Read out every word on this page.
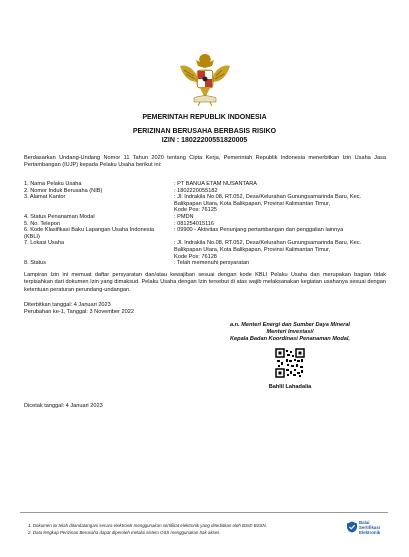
PEMERINTAH REPUBLIK INDONESIA
PERIZINAN BERUSAHA BERBASIS RISIKO
IZIN : 18022200551820005
Berdasarkan Undang-Undang Nomor 11 Tahun 2020 tentang Cipta Kerja, Pemerintah Republik Indonesia menerbitkan Izin Usaha Jasa Pertambangan (IUJP) kepada Pelaku Usaha berikut ini:
1. Nama Pelaku Usaha	: PT BANUA ETAM NUSANTARA
2. Nomor Induk Berusaha (NIB)	: 1802220055182
3. Alamat Kantor	: Jl. Indrakila No.08, RT.052, Desa/Kelurahan Gunungsamarinda Baru, Kec.
Balikpapan Utara, Kota Balikpapan, Provinsi Kalimantan Timur,
Kode Pos: 76125
4. Status Penanaman Modal	: PMDN
5. No. Telepon	: 081254015116
6. Kode Klasifikasi Baku Lapangan Usaha Indonesia
(KBLI)
: 09900 - Aktivitas Penunjang pertambangan dan penggalian lainnya
7. Lokasi Usaha	: Jl. Indrakila No.08, RT.052, Desa/Kelurahan Gunungsamarinda Baru, Kec.
Balikpapan Utara, Kota Balikpapan, Provinsi Kalimantan Timur,
Kode Pos: 76128
8. Status	: Telah memenuhi persyaratan
Lampiran Izin ini memuat daftar persyaratan dan/atau kewajiban sesuai dengan kode KBLI Pelaku Usaha dan merupakan bagian tidak terpisahkan dari dokumen Izin yang dimaksud. Pelaku Usaha dengan Izin tersebut di atas wajib melaksanakan kegiatan usahanya sesuai dengan ketentuan peraturan perundang-undangan.
Diterbitkan tanggal: 4 Januari 2023
Perubahan ke-1, Tanggal: 3 November 2022
a.n. Menteri Energi dan Sumber Daya Mineral
Menteri Investasi/
Kepala Badan Koordinasi Penanaman Modal,
Bahlil Lahadalia
Dicetak tanggal: 4 Januari 2023
1. Dokumen ini telah ditandatangani secara elektronik menggunakan sertifikat elektronik yang diterbitkan oleh BSrE-BSSN.
2. Data lengkap Perizinan Berusaha dapat diperoleh melalui sistem OSS menggunakan hak akses.
Balai
Sertifikasi
Elektronik
